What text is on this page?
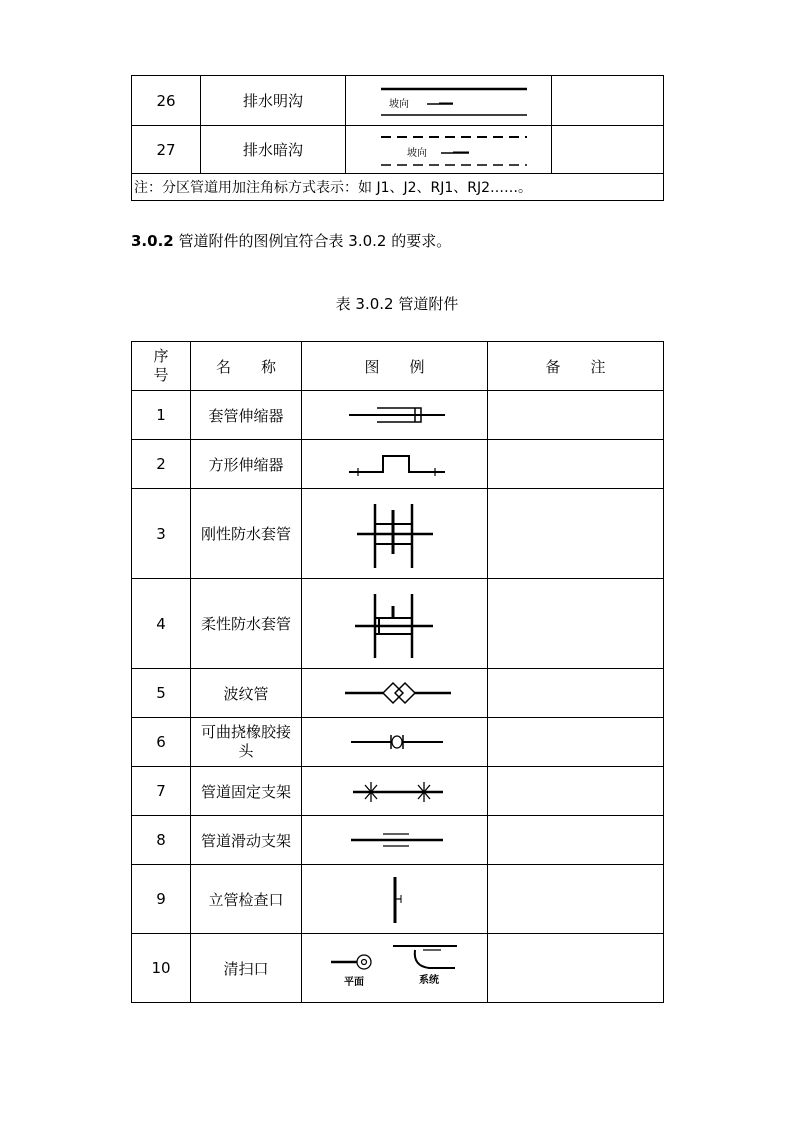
26	排水明沟	坡向	

27	排水暗沟	坡向	

注：分区管道用加注角标方式表示：如 J1、J2、RJ1、RJ2……。			
3.0.2 管道附件的图例宜符合表 3.0.2 的要求。
表 3.0.2 管道附件
序号	名　　称	图　　例	备　　注
1	套管伸缩器	

2	方形伸缩器	

3	刚性防水套管	

4	柔性防水套管	

5	波纹管	

6	可曲挠橡胶接头	

7	管道固定支架	

8	管道滑动支架	

9	立管检查口	

10	清扫口	平面 系统	
